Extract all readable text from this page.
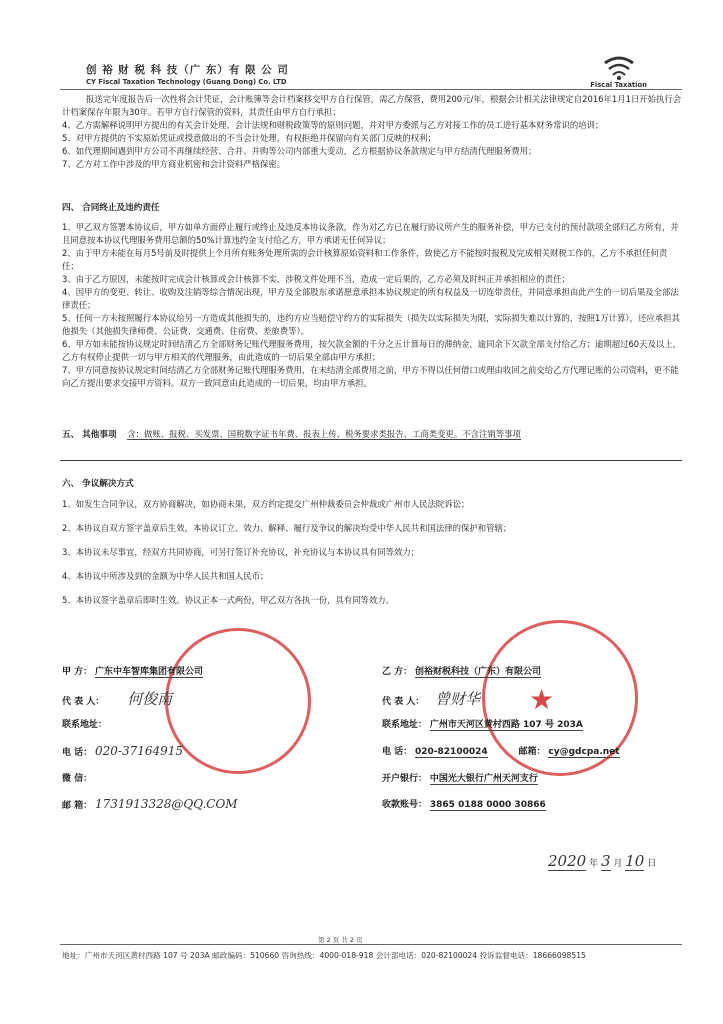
创 裕 财 税 科 技（广 东）有 限 公 司
CY Fiscal Taxation Technology (Guang Dong) Co. LTD	Fiscal Taxation
报送完年度报告后一次性将会计凭证，会计账簿等会计档案移交甲方自行保管，需乙方保管，费用200元/年，根据会计相关法律规定自2016年1月1日开始执行会计档案保存年限为30年。若甲方自行保管的资料，其责任由甲方自行承担；
4、乙方需解释说明甲方提出的有关会计处理、会计法规和财税政策等的原则问题，并对甲方委派与乙方对接工作的员工进行基本财务常识的培训；
5、对甲方提供的不实原始凭证或授意做出的不当会计处理，有权拒绝并保留向有关部门反映的权利；
6、如代理期间遇到甲方公司不再继续经营、合并、并购等公司内部重大变动，乙方根据协议条款规定与甲方结清代理服务费用；
7、乙方对工作中涉及的甲方商业机密和会计资料严格保密。
四、 合同终止及违约责任
1、甲乙双方签署本协议后，甲方如单方面停止履行或终止及违反本协议条款，作为对乙方已在履行协议所产生的服务补偿，甲方已支付的预付款项全部归乙方所有，并且同意按本协议代理服务费用总额的50%计算违约金支付给乙方，甲方承诺无任何异议；
2、由于甲方未能在每月5号前及时提供上个月所有账务处理所需的会计核算原始资料和工作条件，致使乙方不能按时报税及完成相关财税工作的，乙方不承担任何责任；
3、由于乙方原因，未能按时完成会计核算或会计核算不实，涉税文件处理不当，造成一定后果的，乙方必须及时纠正并承担相应的责任；
4、因甲方的变更、转让、收购及注销等综合情况出现，甲方及全部股东承诺愿意承担本协议规定的所有权益及一切连带责任，并同意承担由此产生的一切后果及全部法律责任；
5、任何一方未按照履行本协议给另一方造成其他损失的，违约方应当赔偿守约方的实际损失（损失以实际损失为限，实际损失难以计算的，按照1万计算），还应承担其他损失（其他损失律师费、公证费、交通费、住宿费、差旅费等）。
6、甲方如未能按协议规定时间结清乙方全部财务记账代理服务费用，按欠款金额的千分之五计算每日的滞纳金，逾同余下欠款全部支付给乙方；逾期超过60天及以上，乙方有权停止提供一切与甲方相关的代理服务，由此造成的一切后果全部由甲方承担；
7、甲方同意按协议规定时间结清乙方全部财务记账代理服务费用，在未结清全部费用之前，甲方不得以任何借口或理由收回之前交给乙方代理记账的公司资料，更不能向乙方提出要求交接甲方资料。双方一致同意由此造成的一切后果，均由甲方承担。
五、 其他事项 含：做账、报税、买发票、国税数字证书年费、报表上传、税务要求类报告、工商类变更。不含注销等事项
六、 争议解决方式
1、如发生合同争议，双方协商解决，如协商未果，双方约定提交广州仲裁委员会仲裁或广州市人民法院诉讼；
2、本协议自双方签字盖章后生效，本协议订立、效力、解释、履行及争议的解决均受中华人民共和国法律的保护和管辖；
3、本协议未尽事宜，经双方共同协商，可另行签订补充协议，补充协议与本协议具有同等效力；
4、本协议中所涉及到的金额为中华人民共和国人民币；
5、本协议签字盖章后即时生效。协议正本一式两份，甲乙双方各执一份，具有同等效力。
★
甲 方： 广东中车智库集团有限公司
代 表 人： 何俊南
联系地址：
电 话： 020-37164915
微 信：
邮 箱： 1731913328@QQ.COM
乙 方： 创裕财税科技（广东）有限公司
代 表 人： 曾财华
联系地址： 广州市天河区黄村西路 107 号 203A
电 话： 020-82100024	邮箱： cy@gdcpa.net
开户银行： 中国光大银行广州天河支行
收款账号： 3865 0188 0000 30866
2020 年 3 月 10 日
第 2 页 共 2 页
地址：广州市天河区黄村西路 107 号 203A 邮政编码：510660 咨询热线：4000-018-918 会计部电话：020-82100024 投诉监督电话：18666098515
